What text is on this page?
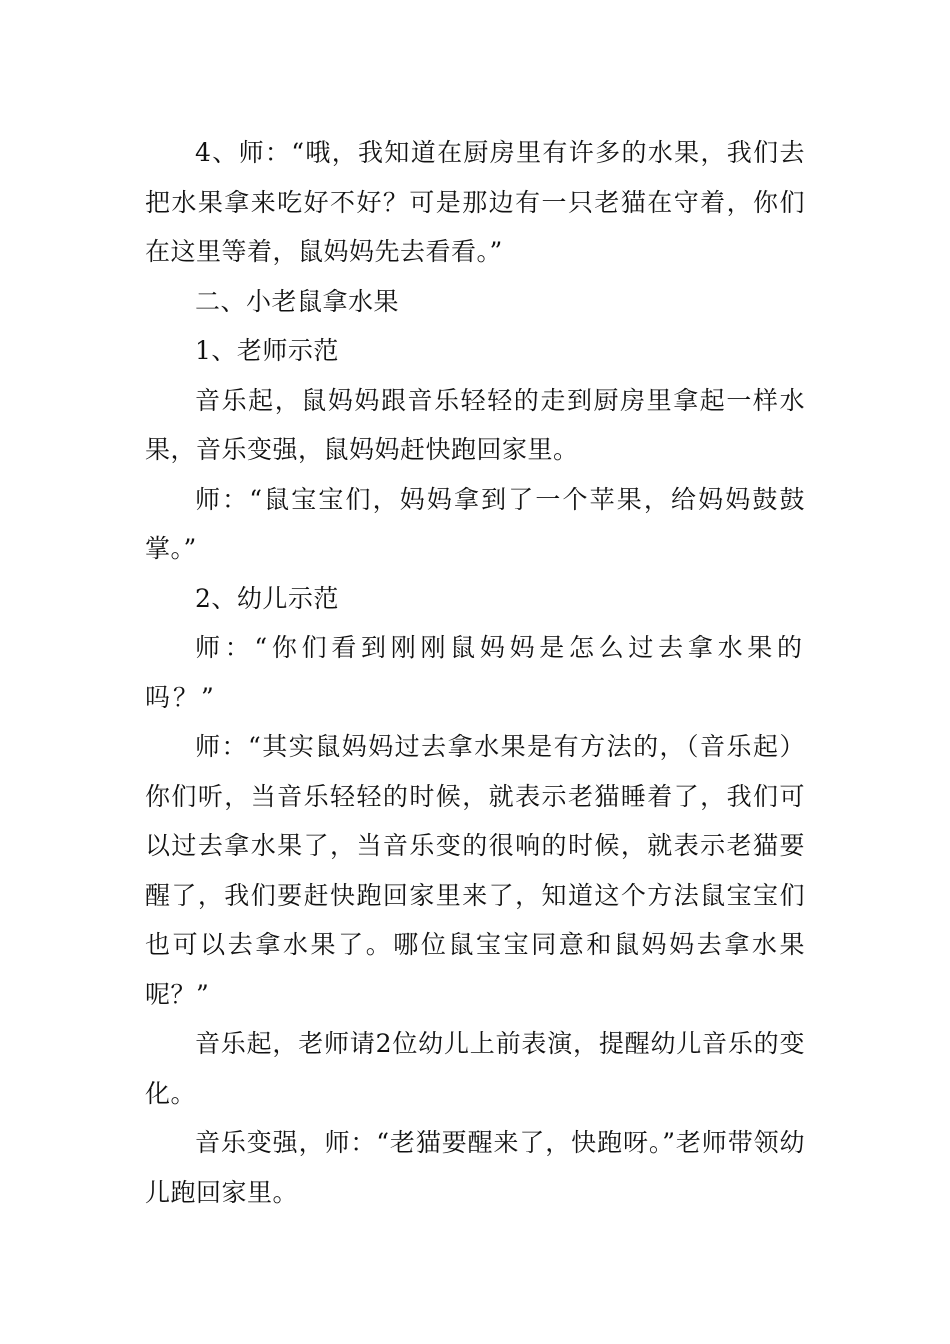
4、师：“哦，我知道在厨房里有许多的水果，我们去把水果拿来吃好不好？可是那边有一只老猫在守着，你们在这里等着，鼠妈妈先去看看。”

二、小老鼠拿水果

1、老师示范

音乐起，鼠妈妈跟音乐轻轻的走到厨房里拿起一样水果，音乐变强，鼠妈妈赶快跑回家里。

师：“鼠宝宝们，妈妈拿到了一个苹果，给妈妈鼓鼓掌。”

2、幼儿示范

师：“你们看到刚刚鼠妈妈是怎么过去拿水果的吗？”

师：“其实鼠妈妈过去拿水果是有方法的，（音乐起）你们听，当音乐轻轻的时候，就表示老猫睡着了，我们可以过去拿水果了，当音乐变的很响的时候，就表示老猫要醒了，我们要赶快跑回家里来了，知道这个方法鼠宝宝们也可以去拿水果了。哪位鼠宝宝同意和鼠妈妈去拿水果呢？”

音乐起，老师请2位幼儿上前表演，提醒幼儿音乐的变化。

音乐变强，师：“老猫要醒来了，快跑呀。”老师带领幼儿跑回家里。
